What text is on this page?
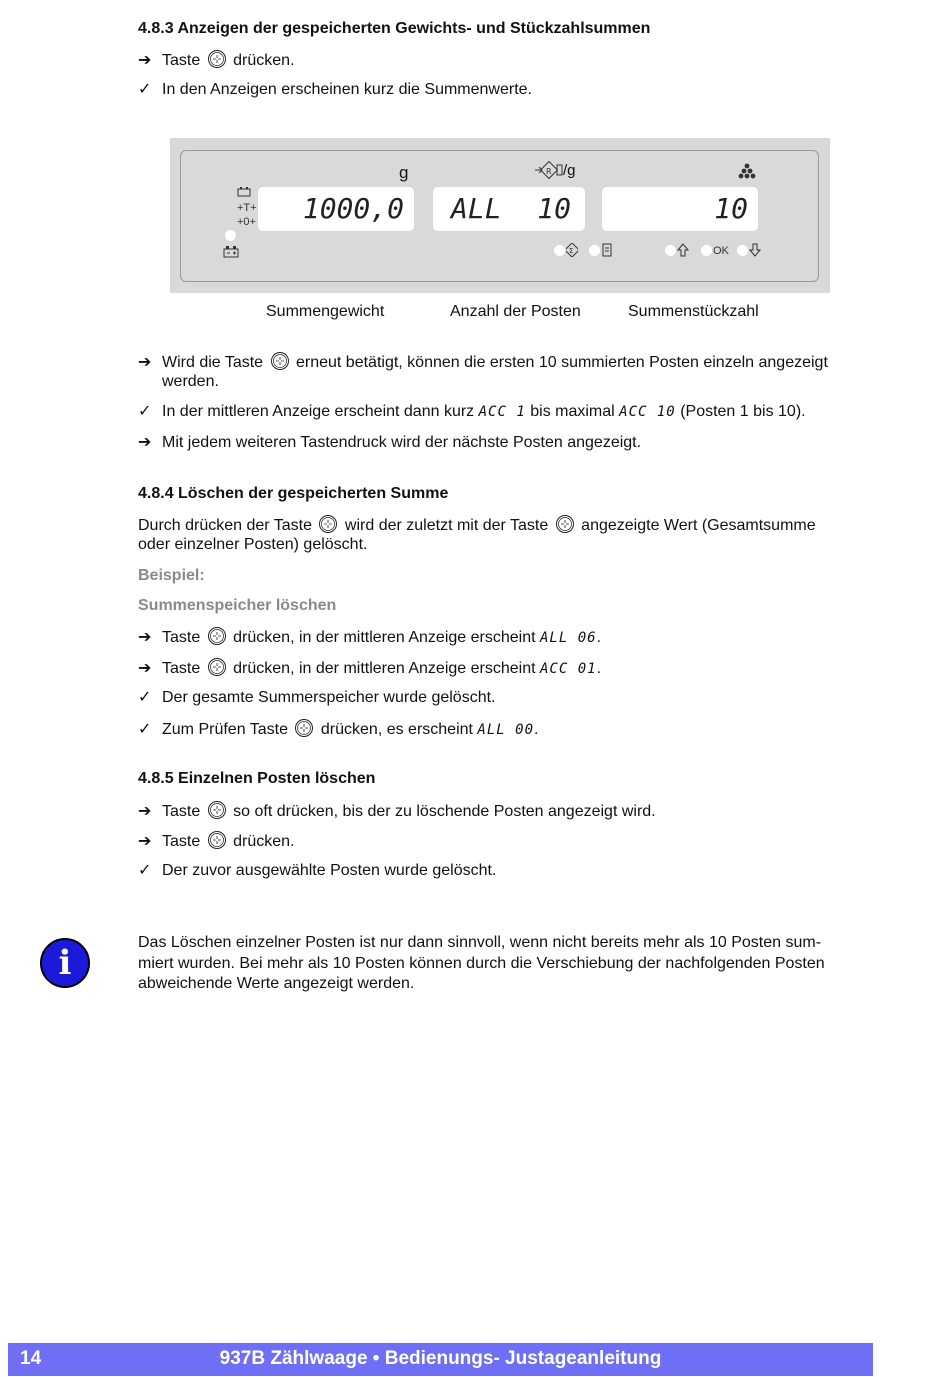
4.8.3 Anzeigen der gespeicherten Gewichts- und Stückzahlsummen
➔ Taste drücken.
✓ In den Anzeigen erscheinen kurz die Summenwerte.
g	R /g
+T+
+0+ 1000,0 ALL 10	10
Σ	OK
Summengewicht	Anzahl der Posten	Summenstückzahl
➔ Wird die Taste erneut betätigt, können die ersten 10 summierten Posten einzeln angezeigt
werden.
✓ In der mittleren Anzeige erscheint dann kurz ACC 1 bis maximal ACC 10 (Posten 1 bis 10).
➔ Mit jedem weiteren Tastendruck wird der nächste Posten angezeigt.
4.8.4 Löschen der gespeicherten Summe
Durch drücken der Taste wird der zuletzt mit der Taste angezeigte Wert (Gesamtsumme
oder einzelner Posten) gelöscht.
Beispiel:
Summenspeicher löschen
➔ Taste drücken, in der mittleren Anzeige erscheint ALL 06.
➔ Taste drücken, in der mittleren Anzeige erscheint ACC 01.
✓ Der gesamte Summerspeicher wurde gelöscht.
✓ Zum Prüfen Taste drücken, es erscheint ALL 00.
4.8.5 Einzelnen Posten löschen
➔ Taste so oft drücken, bis der zu löschende Posten angezeigt wird.
➔ Taste drücken.
✓ Der zuvor ausgewählte Posten wurde gelöscht.
i
Das Löschen einzelner Posten ist nur dann sinnvoll, wenn nicht bereits mehr als 10 Posten sum-
miert wurden. Bei mehr als 10 Posten können durch die Verschiebung der nachfolgenden Posten
abweichende Werte angezeigt werden.
937B Zählwaage • Bedienungs- Justageanleitung
14
